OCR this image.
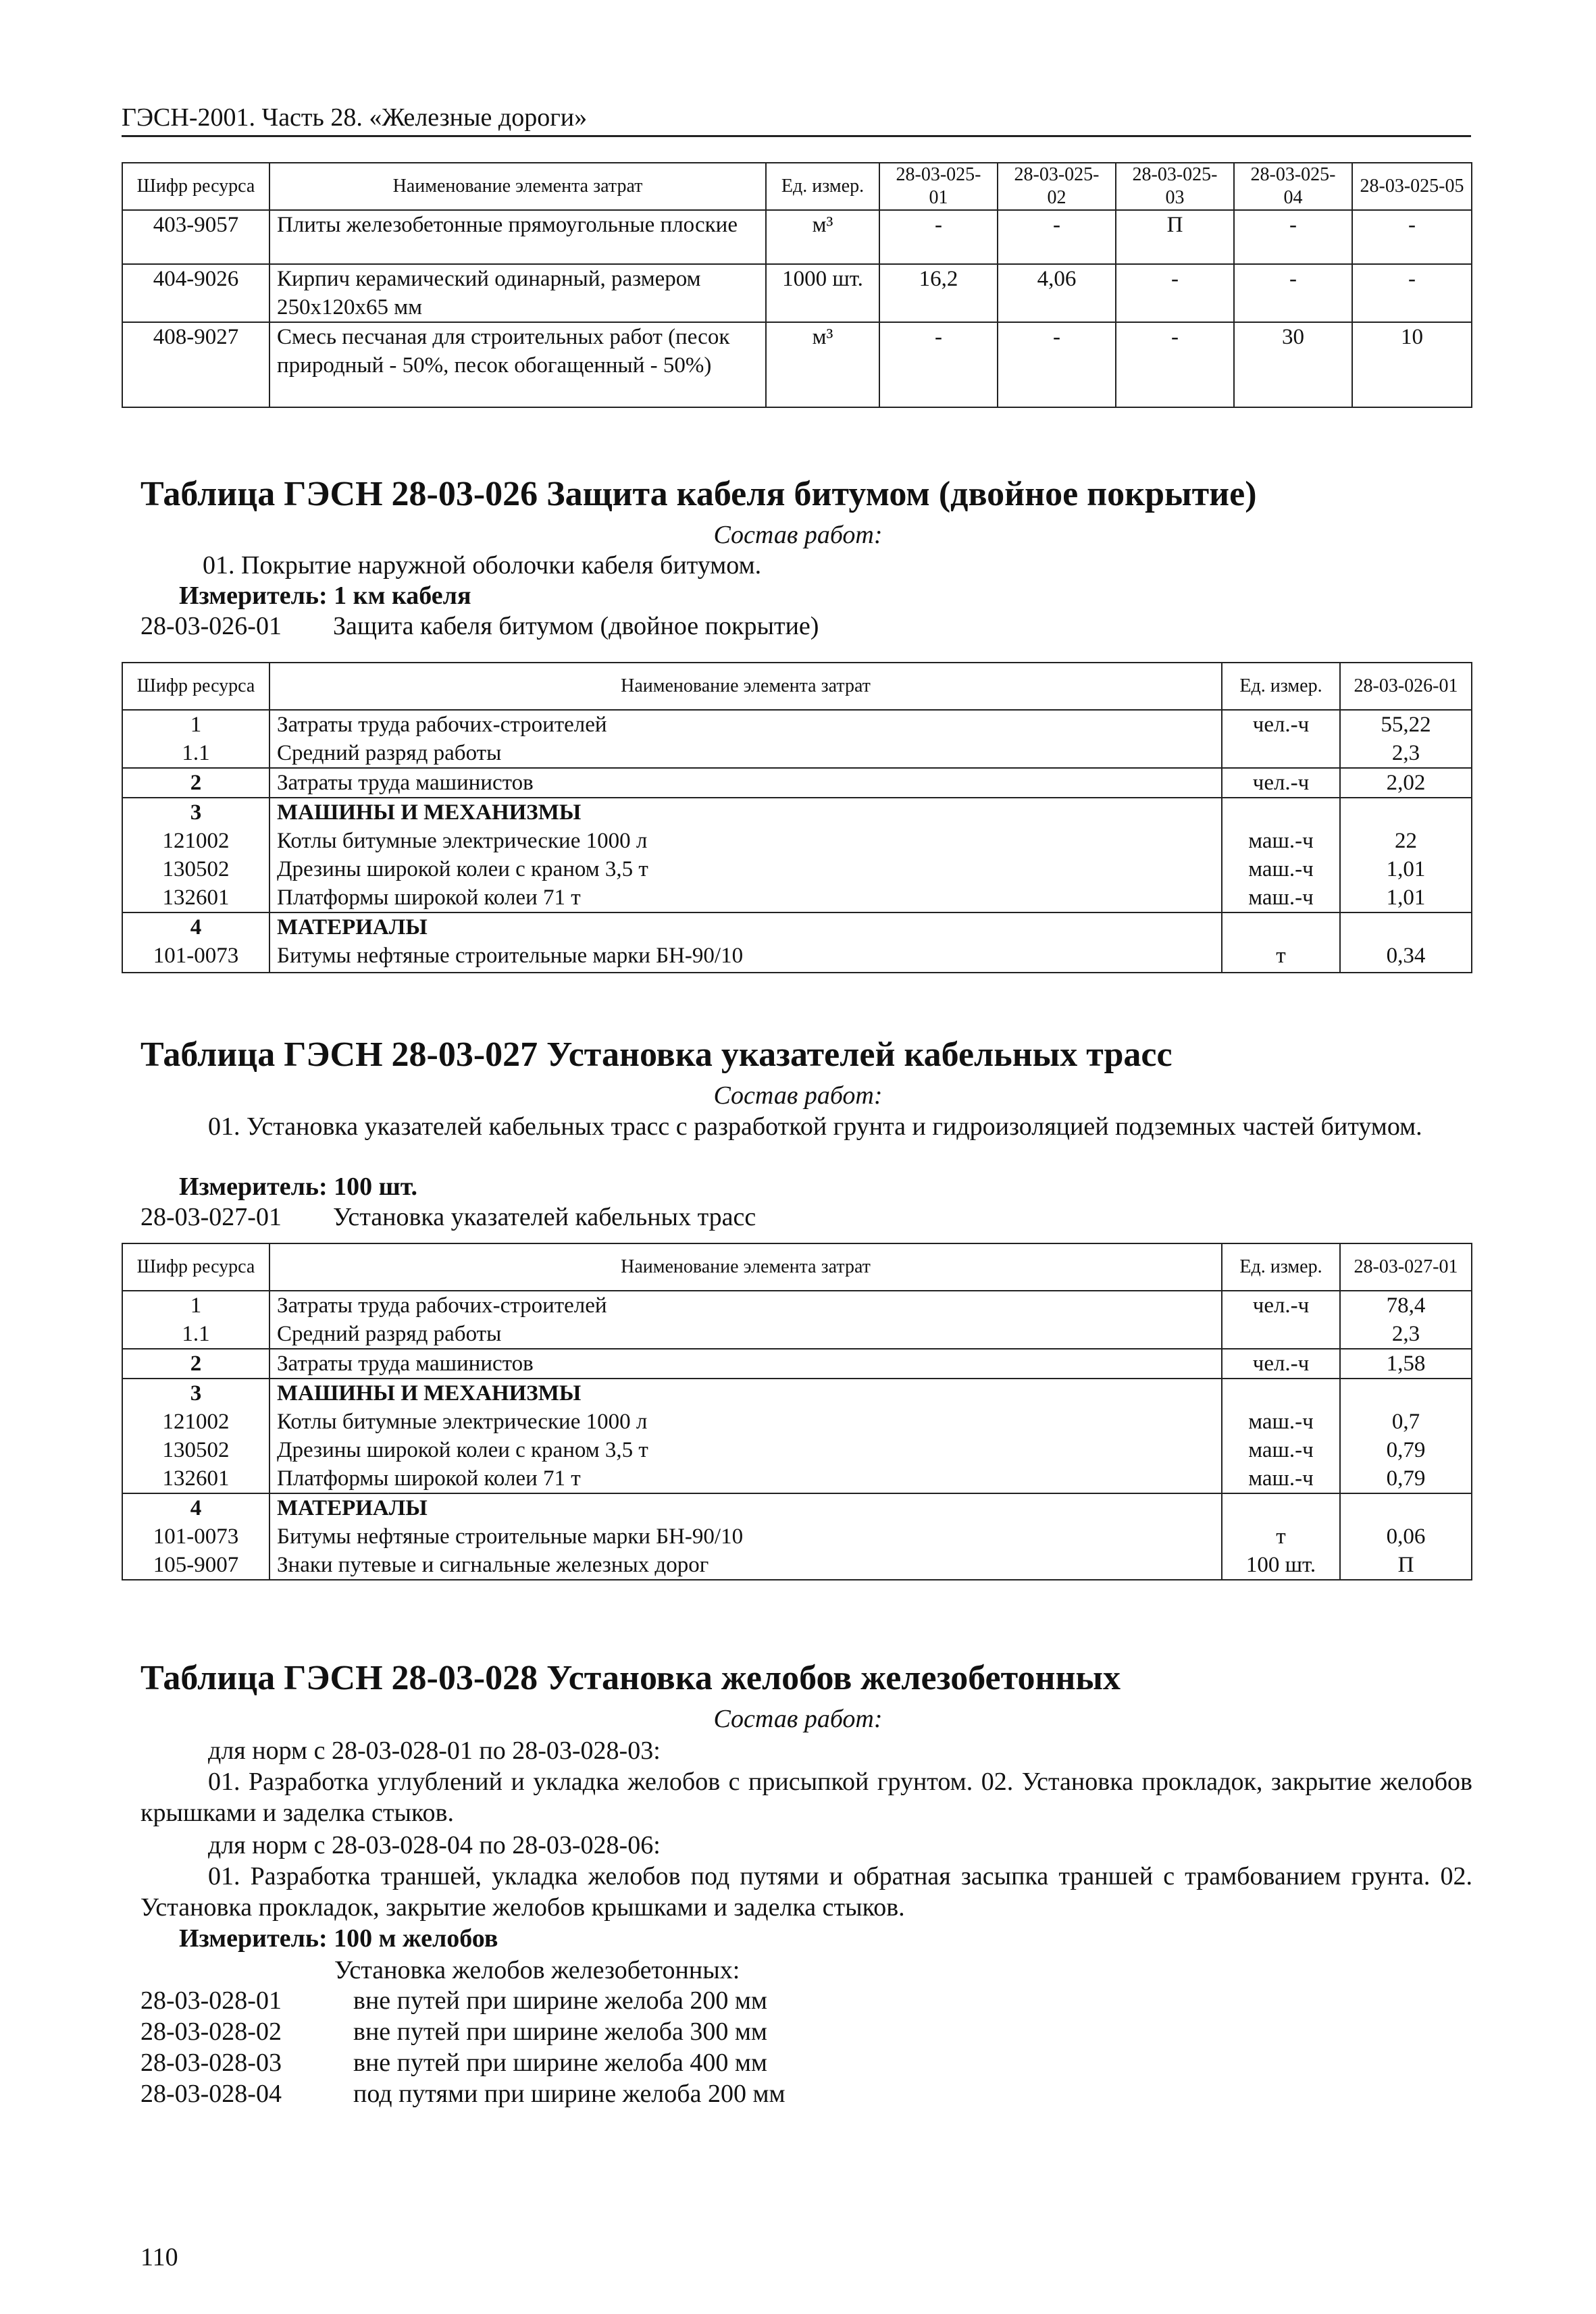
ГЭСН-2001. Часть 28. «Железные дороги»
Шифр ресурса	Наименование элемента затрат	Ед. измер.	28-03-025-01	28-03-025-02	28-03-025-03	28-03-025-04	28-03-025-05
403-9057	Плиты железобетонные прямоугольные плоские	м³	-	-	П	-	-
404-9026	Кирпич керамический одинарный, размером 250х120х65 мм	1000 шт.	16,2	4,06	-	-	-
408-9027	Смесь песчаная для строительных работ (песок природный - 50%, песок обогащенный - 50%)	м³	-	-	-	30	10
Таблица ГЭСН 28-03-026 Защита кабеля битумом (двойное покрытие)
Состав работ:
01. Покрытие наружной оболочки кабеля битумом.
Измеритель: 1 км кабеля
28-03-026-01 Защита кабеля битумом (двойное покрытие)
Шифр ресурса	Наименование элемента затрат	Ед. измер.	28-03-026-01
1	Затраты труда рабочих-строителей	чел.-ч	55,22
1.1	Средний разряд работы		2,3
2	Затраты труда машинистов	чел.-ч	2,02
3	МАШИНЫ И МЕХАНИЗМЫ		
121002	Котлы битумные электрические 1000 л	маш.-ч	22
130502	Дрезины широкой колеи с краном 3,5 т	маш.-ч	1,01
132601	Платформы широкой колеи 71 т	маш.-ч	1,01
4	МАТЕРИАЛЫ		
101-0073	Битумы нефтяные строительные марки БН-90/10	т	0,34
Таблица ГЭСН 28-03-027 Установка указателей кабельных трасс
Состав работ:
01. Установка указателей кабельных трасс с разработкой грунта и гидроизоляцией подземных частей битумом.
Измеритель: 100 шт.
28-03-027-01 Установка указателей кабельных трасс
Шифр ресурса	Наименование элемента затрат	Ед. измер.	28-03-027-01
1	Затраты труда рабочих-строителей	чел.-ч	78,4
1.1	Средний разряд работы		2,3
2	Затраты труда машинистов	чел.-ч	1,58
3	МАШИНЫ И МЕХАНИЗМЫ		
121002	Котлы битумные электрические 1000 л	маш.-ч	0,7
130502	Дрезины широкой колеи с краном 3,5 т	маш.-ч	0,79
132601	Платформы широкой колеи 71 т	маш.-ч	0,79
4	МАТЕРИАЛЫ		
101-0073	Битумы нефтяные строительные марки БН-90/10	т	0,06
105-9007	Знаки путевые и сигнальные железных дорог	100 шт.	П
Таблица ГЭСН 28-03-028 Установка желобов железобетонных
Состав работ:
для норм с 28-03-028-01 по 28-03-028-03:
01. Разработка углублений и укладка желобов с присыпкой грунтом. 02. Установка прокладок, закрытие желобов крышками и заделка стыков.
для норм с 28-03-028-04 по 28-03-028-06:
01. Разработка траншей, укладка желобов под путями и обратная засыпка траншей с трамбованием грунта. 02. Установка прокладок, закрытие желобов крышками и заделка стыков.
Измеритель: 100 м желобов
Установка желобов железобетонных:
28-03-028-01	вне путей при ширине желоба 200 мм
28-03-028-02	вне путей при ширине желоба 300 мм
28-03-028-03	вне путей при ширине желоба 400 мм
28-03-028-04	под путями при ширине желоба 200 мм
110
